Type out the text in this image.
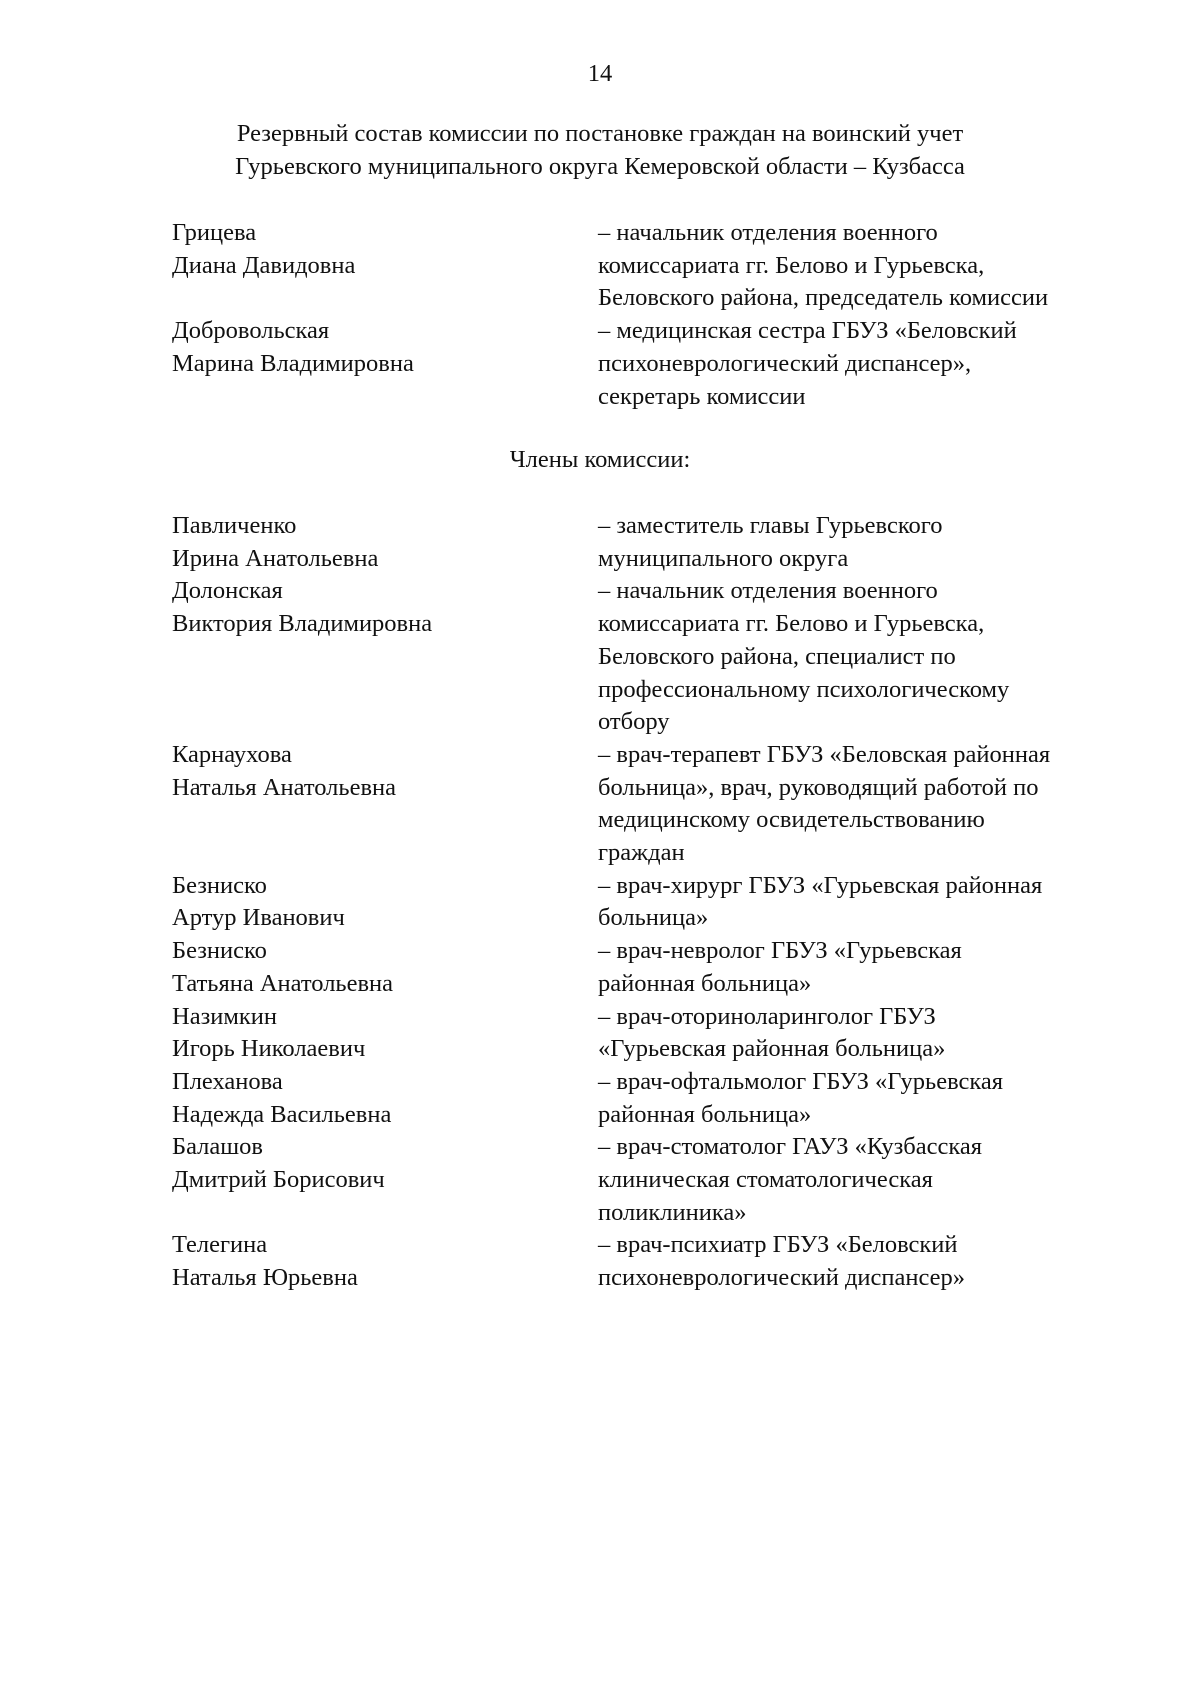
14
Резервный состав комиссии по постановке граждан на воинский учет
Гурьевского муниципального округа Кемеровской области – Кузбасса
Грицева
Диана Давидовна
– начальник отделения военного
комиссариата гг. Белово и Гурьевска,
Беловского района, председатель комиссии
Добровольская
Марина Владимировна
– медицинская сестра ГБУЗ «Беловский
психоневрологический диспансер»,
секретарь комиссии
Члены комиссии:
Павличенко
Ирина Анатольевна
– заместитель главы Гурьевского
муниципального округа
Долонская
Виктория Владимировна
– начальник отделения военного
комиссариата гг. Белово и Гурьевска,
Беловского района, специалист по
профессиональному психологическому
отбору
Карнаухова
Наталья Анатольевна
– врач-терапевт ГБУЗ «Беловская районная
больница», врач, руководящий работой по
медицинскому освидетельствованию
граждан
Безниско
Артур Иванович
– врач-хирург ГБУЗ «Гурьевская районная
больница»
Безниско
Татьяна Анатольевна
– врач-невролог ГБУЗ «Гурьевская
районная больница»
Назимкин
Игорь Николаевич
– врач-оториноларинголог ГБУЗ
«Гурьевская районная больница»
Плеханова
Надежда Васильевна
– врач-офтальмолог ГБУЗ «Гурьевская
районная больница»
Балашов
Дмитрий Борисович
– врач-стоматолог ГАУЗ «Кузбасская
клиническая стоматологическая
поликлиника»
Телегина
Наталья Юрьевна
– врач-психиатр ГБУЗ «Беловский
психоневрологический диспансер»
